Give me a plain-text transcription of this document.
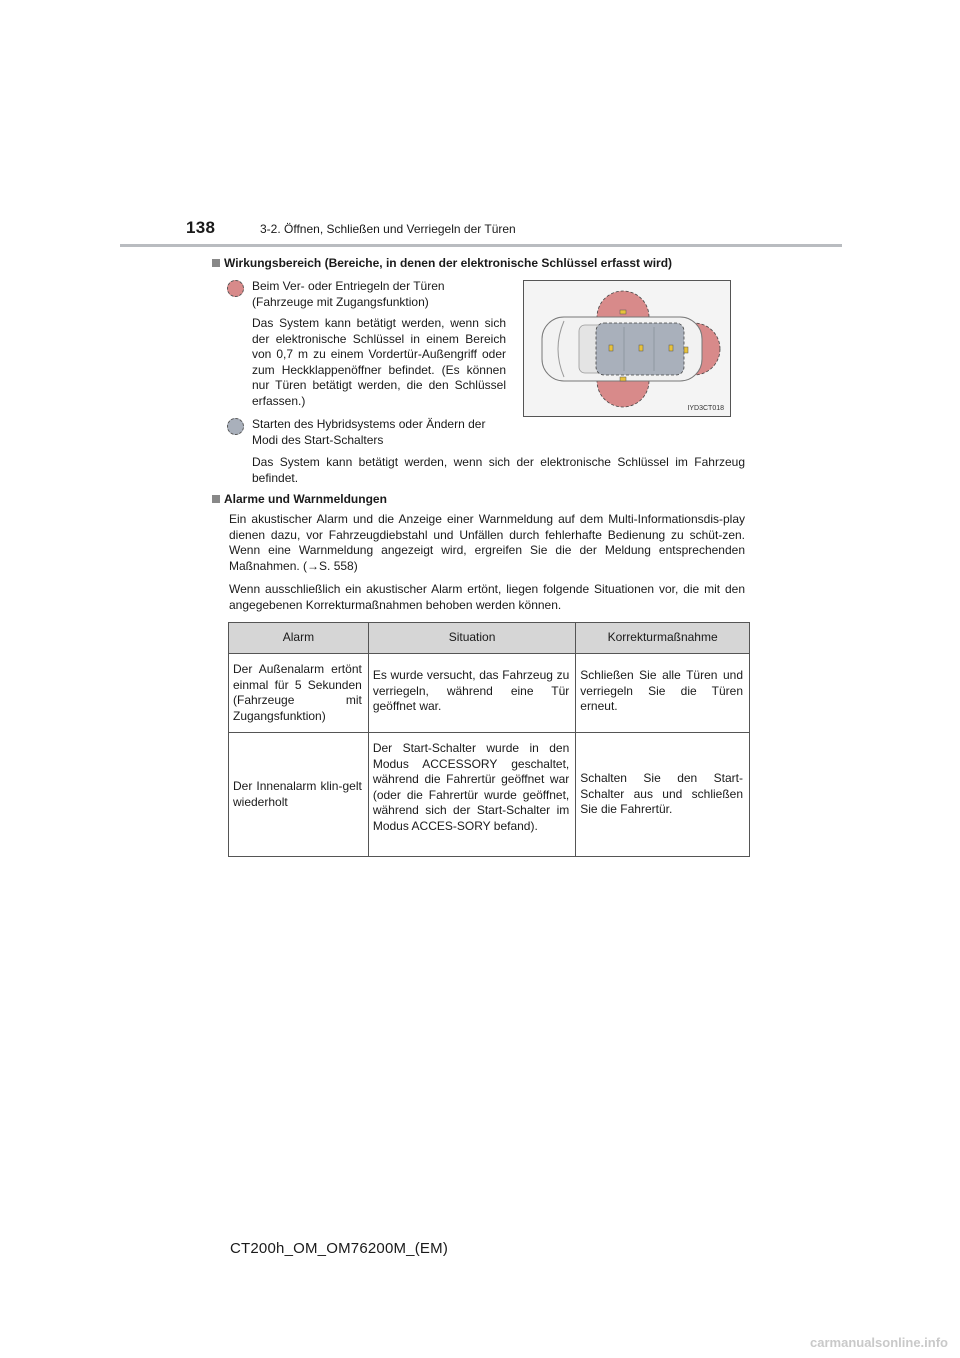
138	3-2. Öffnen, Schließen und Verriegeln der Türen
Wirkungsbereich (Bereiche, in denen der elektronische Schlüssel erfasst wird)
Beim Ver- oder Entriegeln der Türen
(Fahrzeuge mit Zugangsfunktion)
Das System kann betätigt werden, wenn sich der elektronische Schlüssel in einem Bereich von 0,7 m zu einem Vordertür-Außengriff oder zum Heckklappenöffner befindet. (Es können nur Türen betätigt werden, die den Schlüssel erfassen.)
Starten des Hybridsystems oder Ändern der
Modi des Start-Schalters
Das System kann betätigt werden, wenn sich der elektronische Schlüssel im Fahrzeug befindet.
IYD3CT018
Alarme und Warnmeldungen
Ein akustischer Alarm und die Anzeige einer Warnmeldung auf dem Multi-Informationsdis-play dienen dazu, vor Fahrzeugdiebstahl und Unfällen durch fehlerhafte Bedienung zu schüt-zen. Wenn eine Warnmeldung angezeigt wird, ergreifen Sie die der Meldung entsprechenden Maßnahmen. (→S. 558)
Wenn ausschließlich ein akustischer Alarm ertönt, liegen folgende Situationen vor, die mit den angegebenen Korrekturmaßnahmen behoben werden können.
Alarm	Situation	Korrekturmaßnahme
Der Außenalarm ertönt einmal für 5 Sekunden (Fahrzeuge mit Zugangsfunktion)	Es wurde versucht, das Fahrzeug zu verriegeln, während eine Tür geöffnet war.	Schließen Sie alle Türen und verriegeln Sie die Türen erneut.
Der Innenalarm klin-gelt wiederholt	Der Start-Schalter wurde in den Modus ACCESSORY geschaltet, während die Fahrertür geöffnet war (oder die Fahrertür wurde geöffnet, während sich der Start-Schalter im Modus ACCES-SORY befand).	Schalten Sie den Start-Schalter aus und schließen Sie die Fahrertür.
CT200h_OM_OM76200M_(EM)
carmanualsonline.info
